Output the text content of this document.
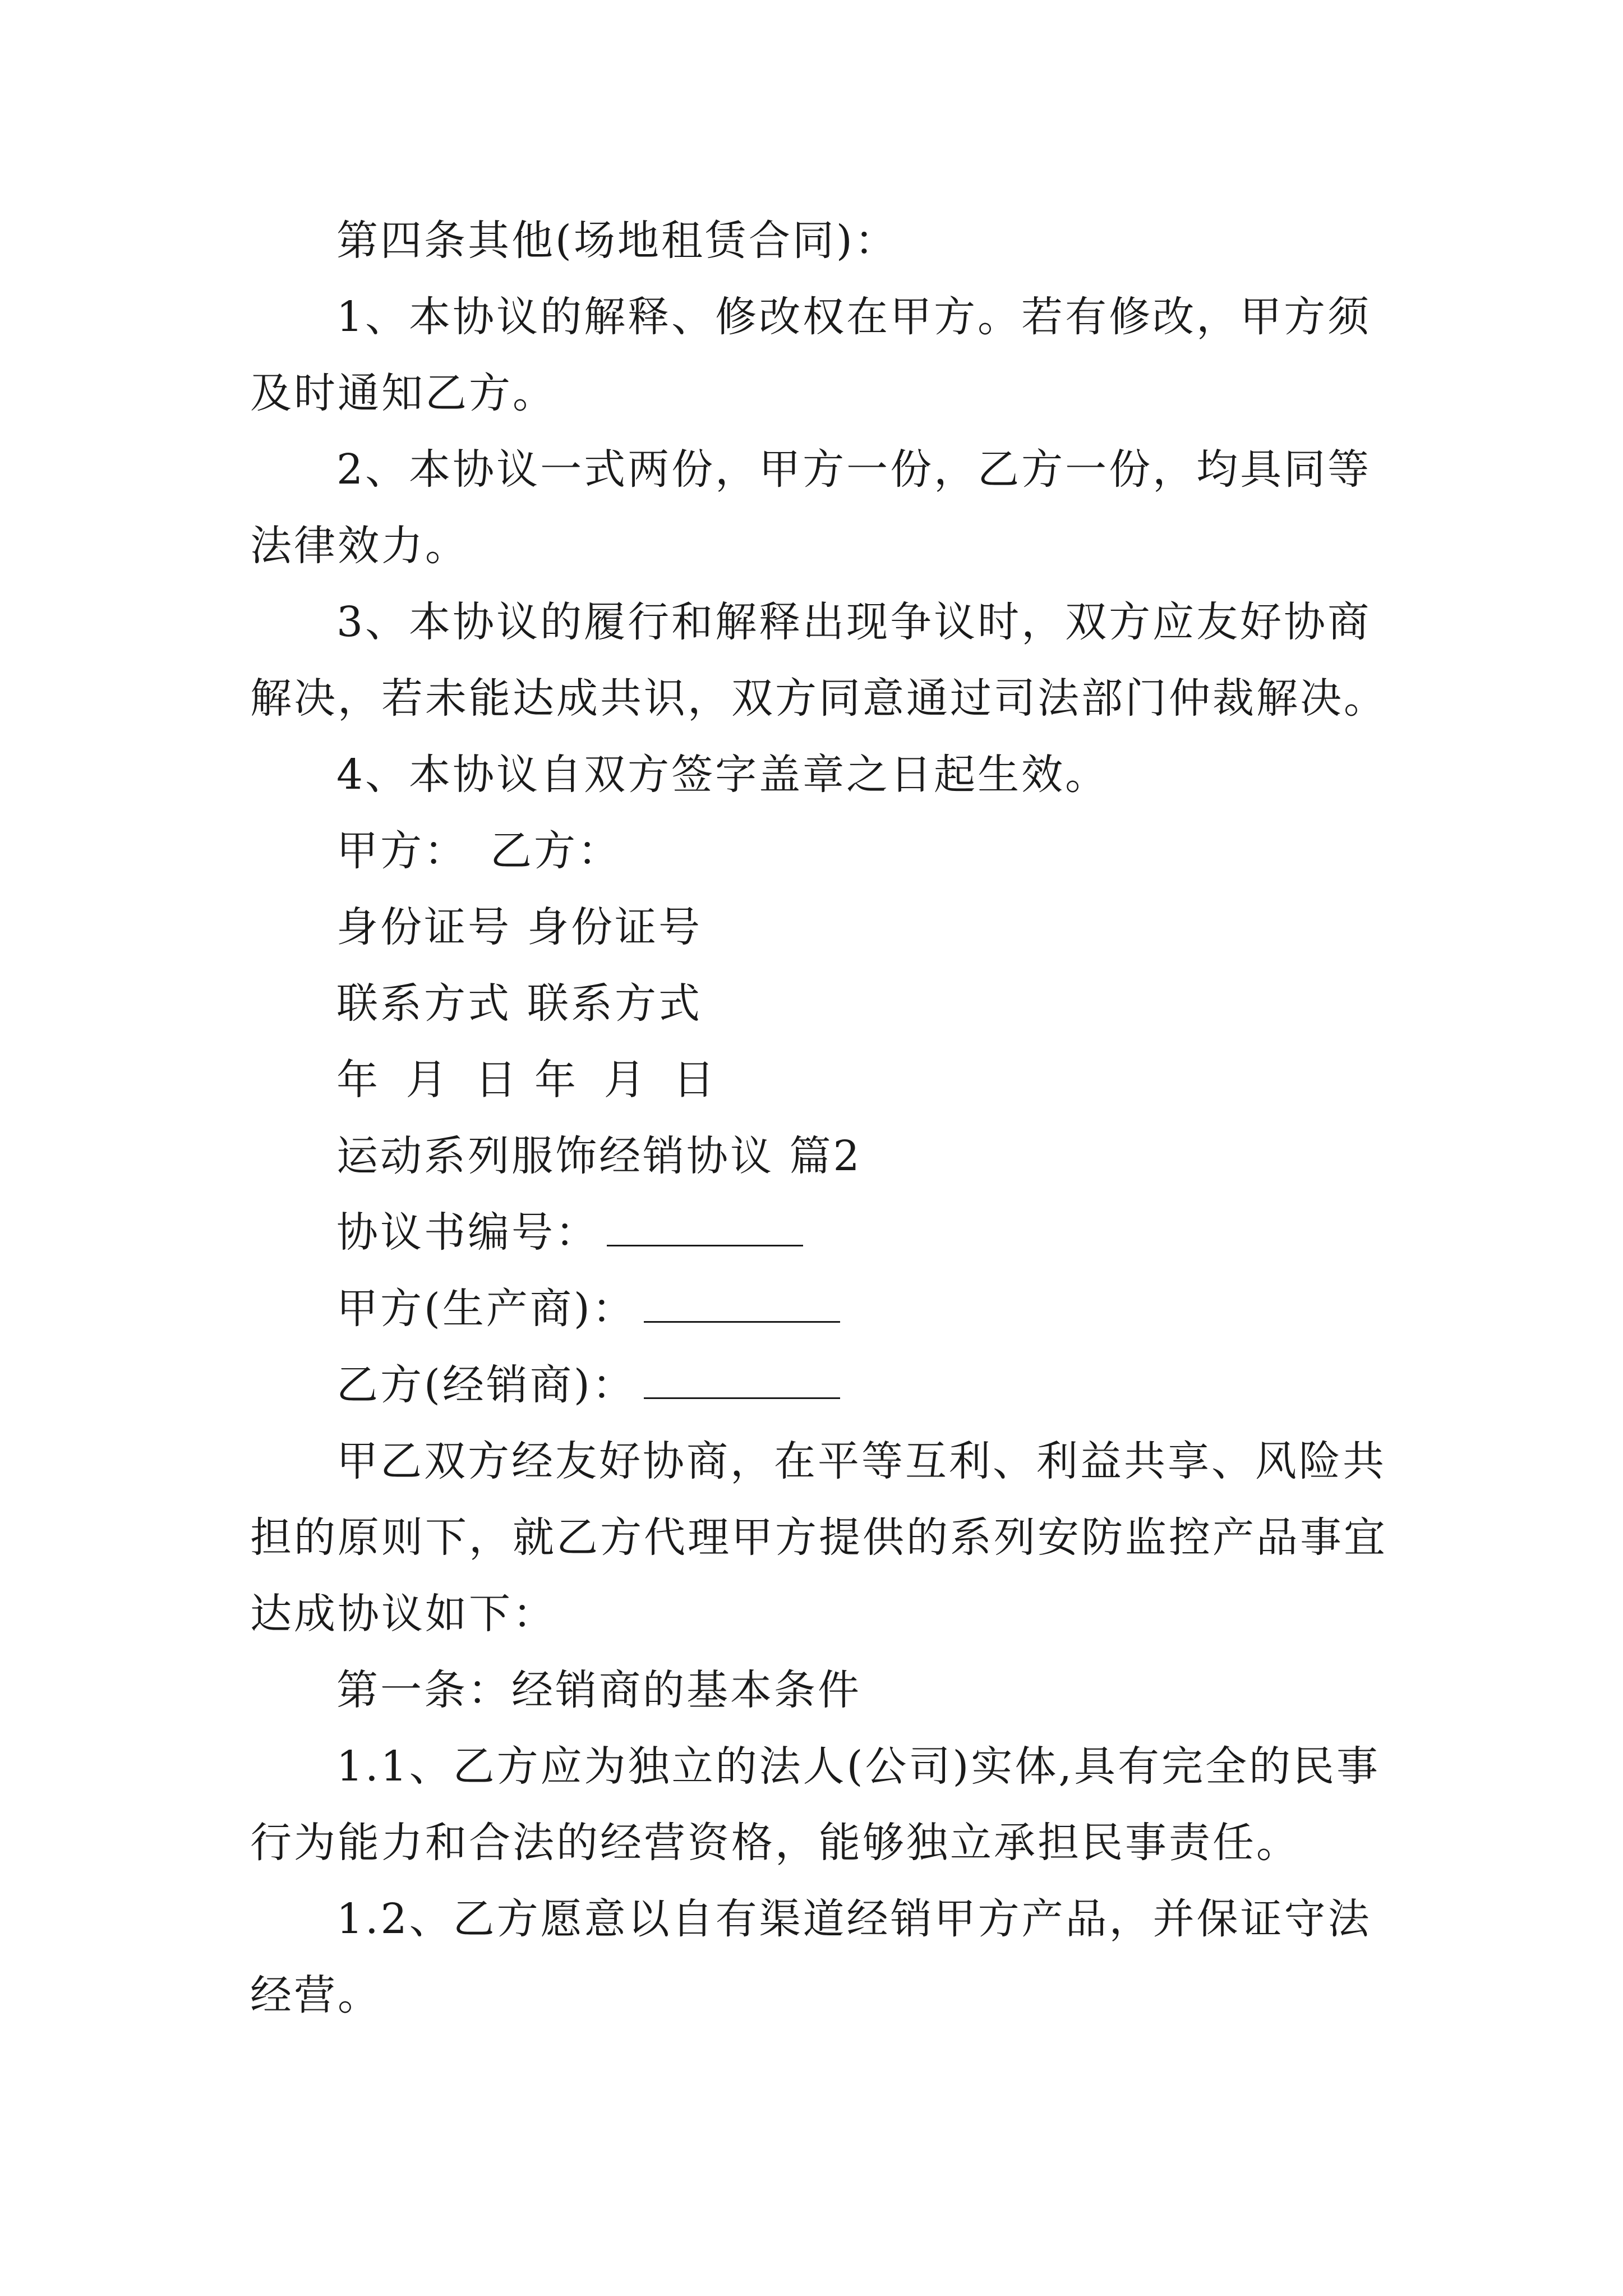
第四条其他(场地租赁合同)：
1、本协议的解释、修改权在甲方。若有修改，甲方须
及时通知乙方。
2、本协议一式两份，甲方一份，乙方一份，均具同等
法律效力。
3、本协议的履行和解释出现争议时，双方应友好协商
解决，若未能达成共识，双方同意通过司法部门仲裁解决。
4、本协议自双方签字盖章之日起生效。
甲方： 乙方：
身份证号 身份证号
联系方式 联系方式
年 月 日 年 月 日
运动系列服饰经销协议 篇2
协议书编号：
甲方(生产商)：
乙方(经销商)：
甲乙双方经友好协商，在平等互利、利益共享、风险共
担的原则下，就乙方代理甲方提供的系列安防监控产品事宜
达成协议如下：
第一条：经销商的基本条件
1.1、乙方应为独立的法人(公司)实体,具有完全的民事
行为能力和合法的经营资格，能够独立承担民事责任。
1.2、乙方愿意以自有渠道经销甲方产品，并保证守法
经营。
